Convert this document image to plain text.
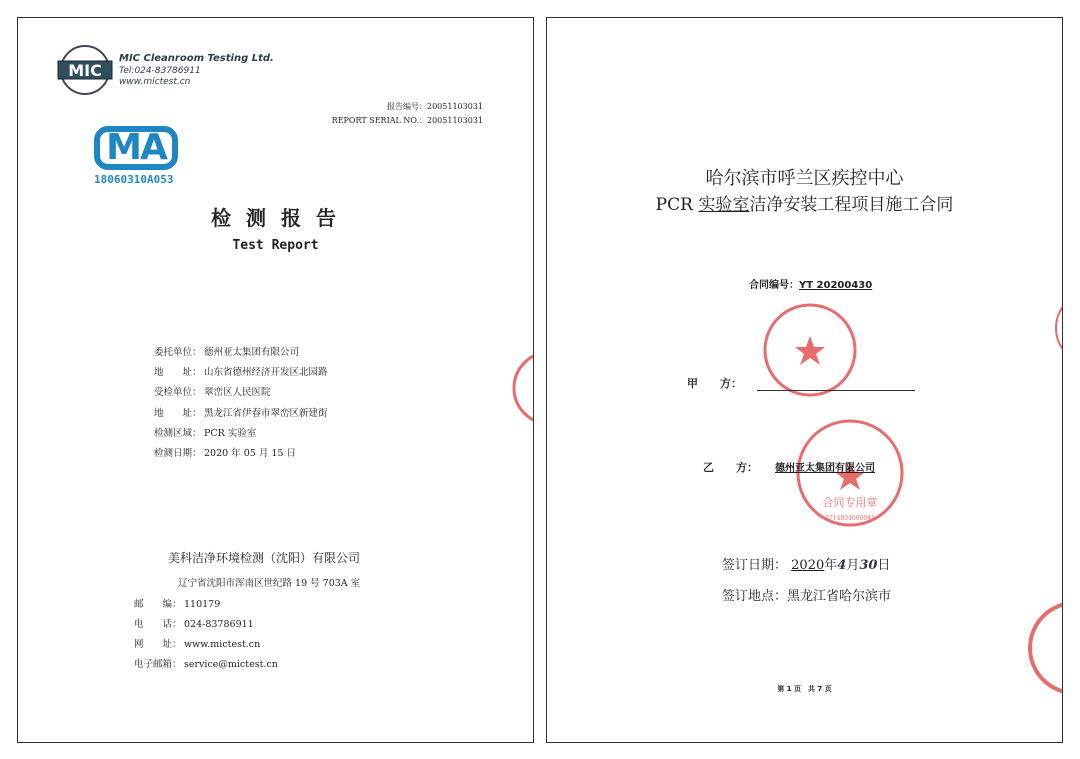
MIC
MIC Cleanroom Testing Ltd.
Tel:024-83786911
www.mictest.cn
报告编号：20051103031
REPORT SERIAL NO.：20051103031
MA
18060310A053
检 测 报 告
Test Report
委托单位： 德州亚太集团有限公司
地　　址： 山东省德州经济开发区北园路
受检单位： 翠峦区人民医院
地　　址： 黑龙江省伊春市翠峦区新建街
检测区域： PCR 实验室
检测日期： 2020 年 05 月 15 日
美科洁净环境检测（沈阳）有限公司
辽宁省沈阳市浑南区世纪路 19 号 703A 室
邮　　编： 110179
电　　话： 024-83786911
网　　址： www.mictest.cn
电子邮箱： service@mictest.cn
哈尔滨市呼兰区疾控中心
PCR 实验室洁净安装工程项目施工合同
合同编号：YT 20200430
甲　　方：
合同专用章
3714034000041
乙　　方： 德州亚太集团有限公司
签订日期： 2020年4月30日
签订地点：黑龙江省哈尔滨市
第 1 页　共 7 页
